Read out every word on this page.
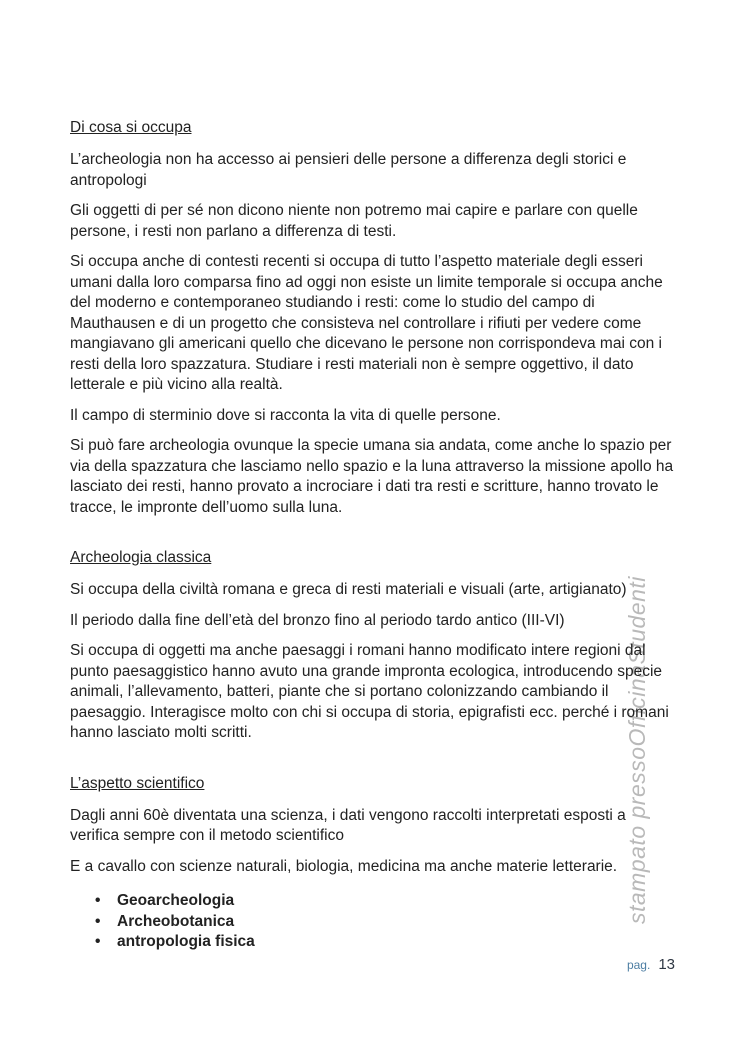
stampato pressoOfficinaStudenti
Di cosa si occupa

L’archeologia non ha accesso ai pensieri delle persone a differenza degli storici e antropologi

Gli oggetti di per sé non dicono niente non potremo mai capire e parlare con quelle persone, i resti non parlano a differenza di testi.

Si occupa anche di contesti recenti si occupa di tutto l’aspetto materiale degli esseri umani dalla loro comparsa fino ad oggi non esiste un limite temporale si occupa anche del moderno e contemporaneo studiando i resti: come lo studio del campo di Mauthausen e di un progetto che consisteva nel controllare i rifiuti per vedere come mangiavano gli americani quello che dicevano le persone non corrispondeva mai con i resti della loro spazzatura. Studiare i resti materiali non è sempre oggettivo, il dato letterale e più vicino alla realtà.

Il campo di sterminio dove si racconta la vita di quelle persone.

Si può fare archeologia ovunque la specie umana sia andata, come anche lo spazio per via della spazzatura che lasciamo nello spazio e la luna attraverso la missione apollo ha lasciato dei resti, hanno provato a incrociare i dati tra resti e scritture, hanno trovato le tracce, le impronte dell’uomo sulla luna.

Archeologia classica

Si occupa della civiltà romana e greca di resti materiali e visuali (arte, artigianato)

Il periodo dalla fine dell’età del bronzo fino al periodo tardo antico (III-VI)

Si occupa di oggetti ma anche paesaggi i romani hanno modificato intere regioni dal punto paesaggistico hanno avuto una grande impronta ecologica, introducendo specie animali, l’allevamento, batteri, piante che si portano colonizzando cambiando il paesaggio. Interagisce molto con chi si occupa di storia, epigrafisti ecc. perché i romani hanno lasciato molti scritti.

L’aspetto scientifico

Dagli anni 60è diventata una scienza, i dati vengono raccolti interpretati esposti a verifica sempre con il metodo scientifico

E a cavallo con scienze naturali, biologia, medicina ma anche materie letterarie.

•	Geoarcheologia
•	Archeobotanica
•	antropologia fisica
pag. 13
